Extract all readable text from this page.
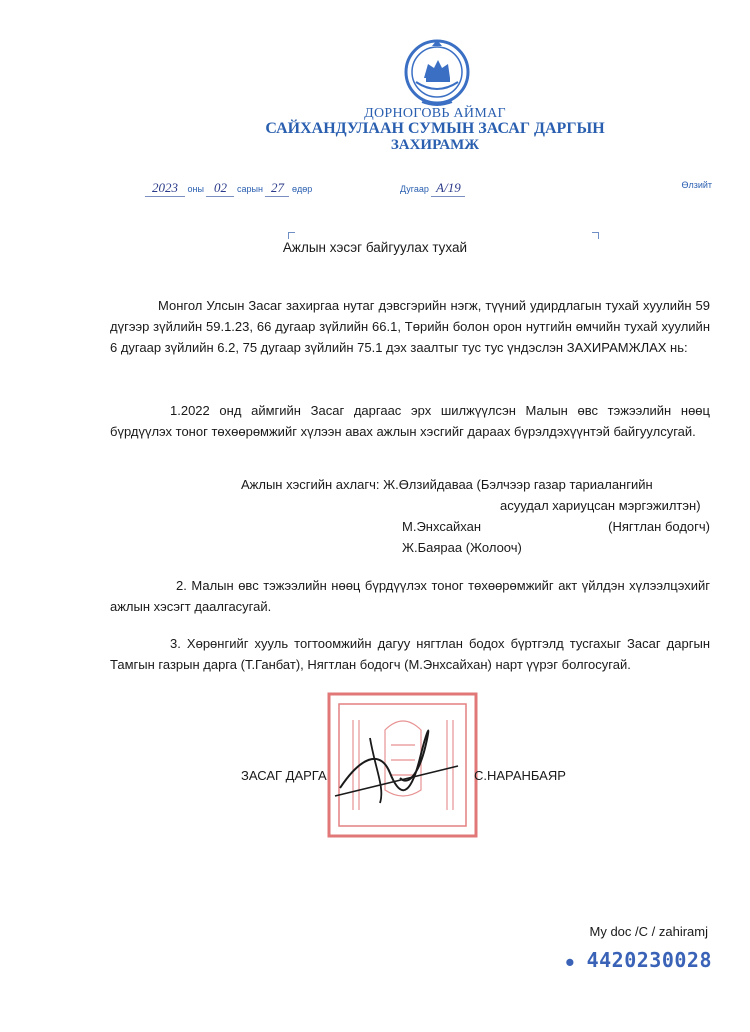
ДОРНОГОВЬ АЙМАГ
САЙХАНДУЛААН СУМЫН ЗАСАГ ДАРГЫН
ЗАХИРАМЖ
2023 оны 02 сарын 27 өдөр	Дугаар А/19	Өлзийт
Ажлын хэсэг байгуулах тухай
Монгол Улсын Засаг захиргаа нутаг дэвсгэрийн нэгж, түүний удирдлагын тухай хуулийн 59 дүгээр зүйлийн 59.1.23, 66 дугаар зүйлийн 66.1, Төрийн болон орон нутгийн өмчийн тухай хуулийн 6 дугаар зүйлийн 6.2, 75 дугаар зүйлийн 75.1 дэх заалтыг тус тус үндэслэн ЗАХИРАМЖЛАХ нь:
1.2022 онд аймгийн Засаг даргаас эрх шилжүүлсэн Малын өвс тэжээлийн нөөц бүрдүүлэх тоног төхөөрөмжийг хүлээн авах ажлын хэсгийг дараах бүрэлдэхүүнтэй байгуулсугай.
Ажлын хэсгийн ахлагч: Ж.Өлзийдаваа (Бэлчээр газар тариалангийн
асуудал хариуцсан мэргэжилтэн)
М.Энхсайхан	(Нягтлан бодогч)
Ж.Баяраа (Жолооч)
2. Малын өвс тэжээлийн нөөц бүрдүүлэх тоног төхөөрөмжийг акт үйлдэн хүлээлцэхийг ажлын хэсэгт даалгасугай.
3. Хөрөнгийг хууль тогтоомжийн дагуу нягтлан бодох бүртгэлд тусгахыг Засаг даргын Тамгын газрын дарга (Т.Ганбат), Нягтлан бодогч (М.Энхсайхан) нарт үүрэг болгосугай.
ЗАСАГ ДАРГА	С.НАРАНБАЯР
My doc /C / zahiramj
● 4420230028
